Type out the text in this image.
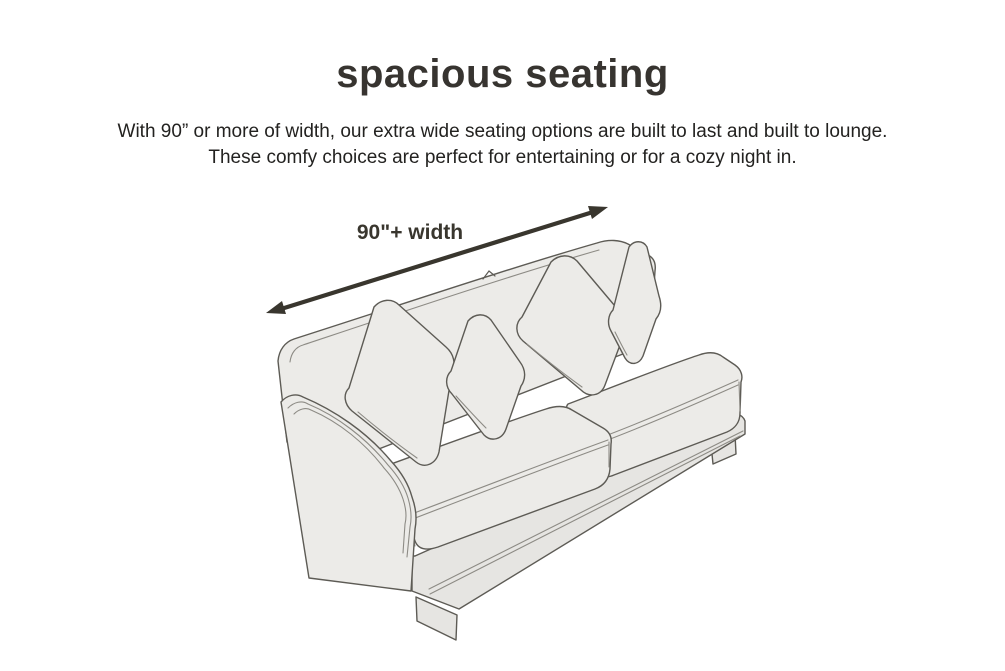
90"+ width
spacious seating
With 90” or more of width, our extra wide seating options are built to last and built to lounge.
These comfy choices are perfect for entertaining or for a cozy night in.
